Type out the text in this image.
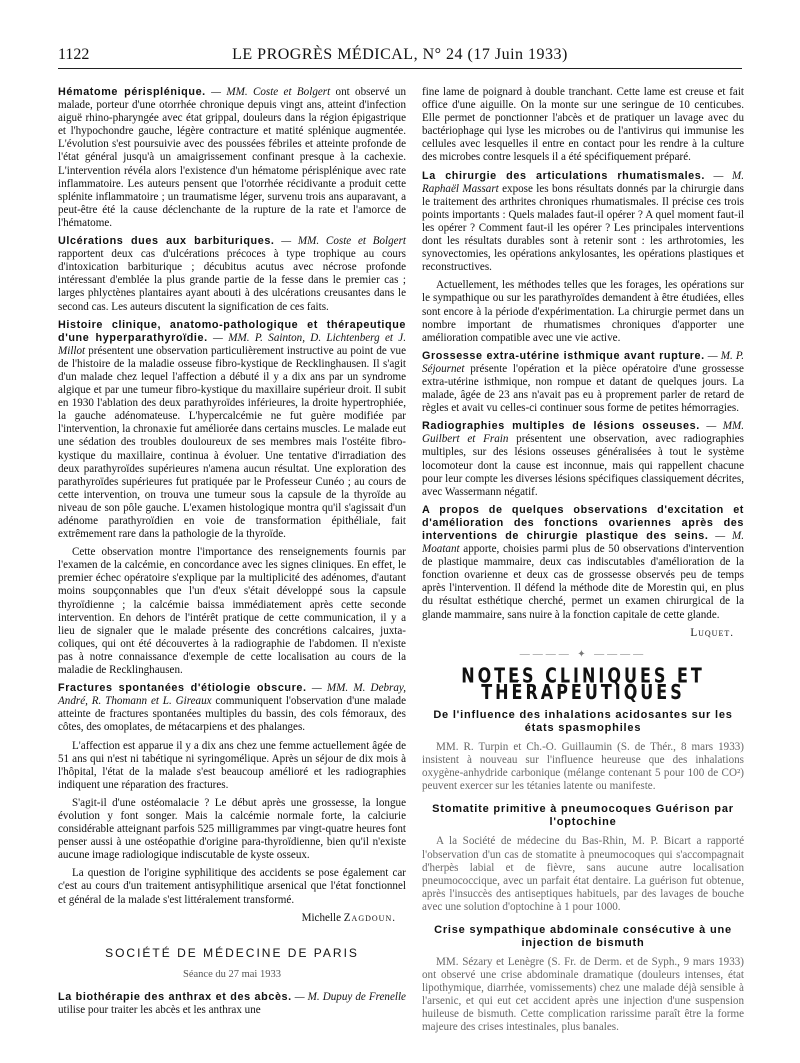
1122	LE PROGRÈS MÉDICAL, N° 24 (17 Juin 1933)

Hématome périsplénique. — MM. Coste et Bolgert ont observé un malade, porteur d'une otorrhée chronique depuis vingt ans, atteint d'infection aiguë rhino-pharyngée avec état grippal, douleurs dans la région épigastrique et l'hypochondre gauche, légère contracture et matité splénique augmentée. L'évolution s'est poursuivie avec des poussées fébriles et atteinte profonde de l'état général jusqu'à un amaigrissement confinant presque à la cachexie. L'intervention révéla alors l'existence d'un hématome périsplénique avec rate inflammatoire. Les auteurs pensent que l'otorrhée récidivante a produit cette splénite inflammatoire ; un traumatisme léger, survenu trois ans auparavant, a peut-être été la cause déclenchante de la rupture de la rate et l'amorce de l'hématome.

Ulcérations dues aux barbituriques. — MM. Coste et Bolgert rapportent deux cas d'ulcérations précoces à type trophique au cours d'intoxication barbiturique ; décubitus acutus avec nécrose profonde intéressant d'emblée la plus grande partie de la fesse dans le premier cas ; larges phlyctènes plantaires ayant abouti à des ulcérations creusantes dans le second cas. Les auteurs discutent la signification de ces faits.

Histoire clinique, anatomo-pathologique et thérapeutique d'une hyperparathyroïdie. — MM. P. Sainton, D. Lichtenberg et J. Millot présentent une observation particulièrement instructive au point de vue de l'histoire de la maladie osseuse fibro-kystique de Recklinghausen. Il s'agit d'un malade chez lequel l'affection a débuté il y a dix ans par un syndrome algique et par une tumeur fibro-kystique du maxillaire supérieur droit. Il subit en 1930 l'ablation des deux parathyroïdes inférieures, la droite hypertrophiée, la gauche adénomateuse. L'hypercalcémie ne fut guère modifiée par l'intervention, la chronaxie fut améliorée dans certains muscles. Le malade eut une sédation des troubles douloureux de ses membres mais l'ostéite fibro-kystique du maxillaire, continua à évoluer. Une tentative d'irradiation des deux parathyroïdes supérieures n'amena aucun résultat. Une exploration des parathyroïdes supérieures fut pratiquée par le Professeur Cunéo ; au cours de cette intervention, on trouva une tumeur sous la capsule de la thyroïde au niveau de son pôle gauche. L'examen histologique montra qu'il s'agissait d'un adénome parathyroïdien en voie de transformation épithéliale, fait extrêmement rare dans la pathologie de la thyroïde.

Cette observation montre l'importance des renseignements fournis par l'examen de la calcémie, en concordance avec les signes cliniques. En effet, le premier échec opératoire s'explique par la multiplicité des adénomes, d'autant moins soupçonnables que l'un d'eux s'était développé sous la capsule thyroïdienne ; la calcémie baissa immédiatement après cette seconde intervention. En dehors de l'intérêt pratique de cette communication, il y a lieu de signaler que le malade présente des concrétions calcaires, juxta-coliques, qui ont été découvertes à la radiographie de l'abdomen. Il n'existe pas à notre connaissance d'exemple de cette localisation au cours de la maladie de Recklinghausen.

Fractures spontanées d'étiologie obscure. — MM. M. Debray, André, R. Thomann et L. Gireaux communiquent l'observation d'une malade atteinte de fractures spontanées multiples du bassin, des cols fémoraux, des côtes, des omoplates, de métacarpiens et des phalanges.

L'affection est apparue il y a dix ans chez une femme actuellement âgée de 51 ans qui n'est ni tabétique ni syringomélique. Après un séjour de dix mois à l'hôpital, l'état de la malade s'est beaucoup amélioré et les radiographies indiquent une réparation des fractures.

S'agit-il d'une ostéomalacie ? Le début après une grossesse, la longue évolution y font songer. Mais la calcémie normale forte, la calciurie considérable atteignant parfois 525 milligrammes par vingt-quatre heures font penser aussi à une ostéopathie d'origine para-thyroïdienne, bien qu'il n'existe aucune image radiologique indiscutable de kyste osseux.

La question de l'origine syphilitique des accidents se pose également car c'est au cours d'un traitement antisyphilitique arsenical que l'état fonctionnel et général de la malade s'est littéralement transformé.

Michelle Zagdoun.
SOCIÉTÉ DE MÉDECINE DE PARIS
Séance du 27 mai 1933

La biothérapie des anthrax et des abcès. — M. Dupuy de Frenelle utilise pour traiter les abcès et les anthrax une

fine lame de poignard à double tranchant. Cette lame est creuse et fait office d'une aiguille. On la monte sur une seringue de 10 centicubes. Elle permet de ponctionner l'abcès et de pratiquer un lavage avec du bactériophage qui lyse les microbes ou de l'antivirus qui immunise les cellules avec lesquelles il entre en contact pour les rendre à la culture des microbes contre lesquels il a été spécifiquement préparé.

La chirurgie des articulations rhumatismales. — M. Raphaël Massart expose les bons résultats donnés par la chirurgie dans le traitement des arthrites chroniques rhumatismales. Il précise ces trois points importants : Quels malades faut-il opérer ? A quel moment faut-il les opérer ? Comment faut-il les opérer ? Les principales interventions dont les résultats durables sont à retenir sont : les arthrotomies, les synovectomies, les opérations ankylosantes, les opérations plastiques et reconstructives.

Actuellement, les méthodes telles que les forages, les opérations sur le sympathique ou sur les parathyroïdes demandent à être étudiées, elles sont encore à la période d'expérimentation. La chirurgie permet dans un nombre important de rhumatismes chroniques d'apporter une amélioration compatible avec une vie active.

Grossesse extra-utérine isthmique avant rupture. — M. P. Séjournet présente l'opération et la pièce opératoire d'une grossesse extra-utérine isthmique, non rompue et datant de quelques jours. La malade, âgée de 23 ans n'avait pas eu à proprement parler de retard de règles et avait vu celles-ci continuer sous forme de petites hémorragies.

Radiographies multiples de lésions osseuses. — MM. Guilbert et Frain présentent une observation, avec radiographies multiples, sur des lésions osseuses généralisées à tout le système locomoteur dont la cause est inconnue, mais qui rappellent chacune pour leur compte les diverses lésions spécifiques classiquement décrites, avec Wassermann négatif.

A propos de quelques observations d'excitation et d'amélioration des fonctions ovariennes après des interventions de chirurgie plastique des seins. — M. Moatant apporte, choisies parmi plus de 50 observations d'intervention de plastique mammaire, deux cas indiscutables d'amélioration de la fonction ovarienne et deux cas de grossesse observés peu de temps après l'intervention. Il défend la méthode dite de Morestin qui, en plus du résultat esthétique cherché, permet un examen chirurgical de la glande mammaire, sans nuire à la fonction capitale de cette glande.

Luquet.
———— ✦ ————
NOTES CLINIQUES ET THÉRAPEUTIQUES
De l'influence des inhalations acidosantes sur les états spasmophiles

MM. R. Turpin et Ch.-O. Guillaumin (S. de Thér., 8 mars 1933) insistent à nouveau sur l'influence heureuse que des inhalations oxygène-anhydride carbonique (mélange contenant 5 pour 100 de CO²) peuvent exercer sur les tétanies latente ou manifeste.

Stomatite primitive à pneumocoques Guérison par l'optochine

A la Société de médecine du Bas-Rhin, M. P. Bicart a rapporté l'observation d'un cas de stomatite à pneumocoques qui s'accompagnait d'herpès labial et de fièvre, sans aucune autre localisation pneumococcique, avec un parfait état dentaire. La guérison fut obtenue, après l'insuccès des antiseptiques habituels, par des lavages de bouche avec une solution d'optochine à 1 pour 1000.

Crise sympathique abdominale consécutive à une injection de bismuth

MM. Sézary et Lenègre (S. Fr. de Derm. et de Syph., 9 mars 1933) ont observé une crise abdominale dramatique (douleurs intenses, état lipothymique, diarrhée, vomissements) chez une malade déjà sensible à l'arsenic, et qui eut cet accident après une injection d'une suspension huileuse de bismuth. Cette complication rarissime paraît être la forme majeure des crises intestinales, plus banales.
